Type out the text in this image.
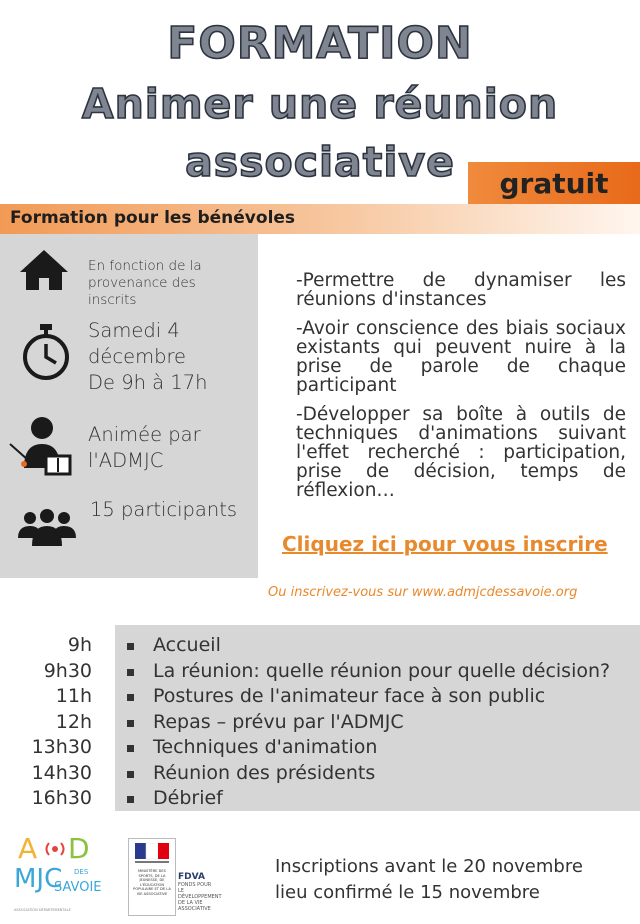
FORMATION
Animer une réunion
associative	gratuit
Formation pour les bénévoles
En fonction de la provenance des inscrits
Samedi 4
décembre
De 9h à 17h
Animée par
l'ADMJC
15 participants
-Permettre de dynamiser les réunions d'instances
-Avoir conscience des biais sociaux existants qui peuvent nuire à la prise de parole de chaque participant
-Développer sa boîte à outils de techniques d'animations suivant l'effet recherché : participation, prise de décision, temps de réflexion…
Cliquez ici pour vous inscrire
Ou inscrivez-vous sur www.admjcdessavoie.org
9h	Accueil
9h30	La réunion: quelle réunion pour quelle décision?
11h	Postures de l'animateur face à son public
12h	Repas – prévu par l'ADMJC
13h30	Techniques d'animation
14h30	Réunion des présidents
16h30	Débrief
A D
MJC DES
SAVOIE
ASSOCIATION DÉPARTEMENTALE
MINISTÈRE DES SPORTS, DE LA JEUNESSE, DE L'ÉDUCATION POPULAIRE ET DE LA VIE ASSOCIATIVE
FDVA
FONDS POUR LE DÉVELOPPEMENT DE LA VIE ASSOCIATIVE
Inscriptions avant le 20 novembre
lieu confirmé le 15 novembre
